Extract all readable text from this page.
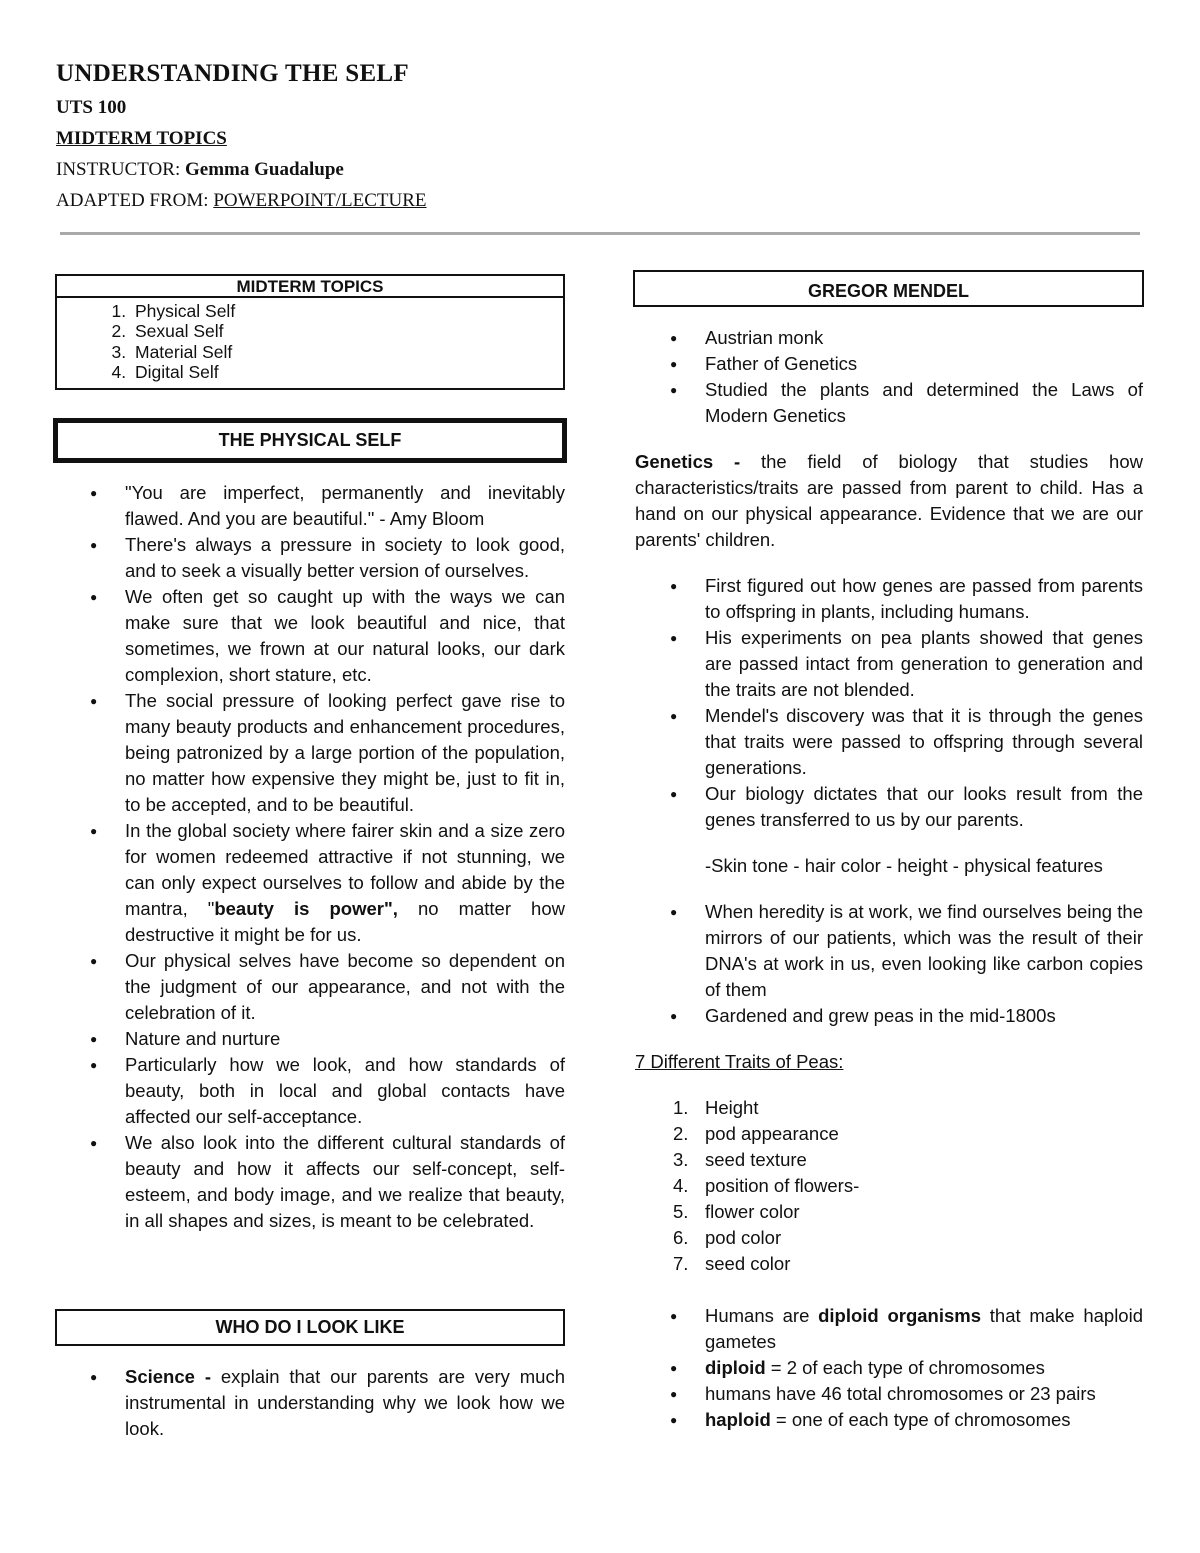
UNDERSTANDING THE SELF
UTS 100
MIDTERM TOPICS
INSTRUCTOR: Gemma Guadalupe
ADAPTED FROM: POWERPOINT/LECTURE
MIDTERM TOPICS
1. Physical Self
2. Sexual Self
3. Material Self
4. Digital Self
THE PHYSICAL SELF
● "You are imperfect, permanently and inevitably flawed. And you are beautiful." - Amy Bloom
● There's always a pressure in society to look good, and to seek a visually better version of ourselves.
● We often get so caught up with the ways we can make sure that we look beautiful and nice, that sometimes, we frown at our natural looks, our dark complexion, short stature, etc.
● The social pressure of looking perfect gave rise to many beauty products and enhancement procedures, being patronized by a large portion of the population, no matter how expensive they might be, just to fit in, to be accepted, and to be beautiful.
● In the global society where fairer skin and a size zero for women redeemed attractive if not stunning, we can only expect ourselves to follow and abide by the mantra, "beauty is power", no matter how destructive it might be for us.
● Our physical selves have become so dependent on the judgment of our appearance, and not with the celebration of it.
● Nature and nurture
● Particularly how we look, and how standards of beauty, both in local and global contacts have affected our self-acceptance.
● We also look into the different cultural standards of beauty and how it affects our self-concept, self-esteem, and body image, and we realize that beauty, in all shapes and sizes, is meant to be celebrated.
WHO DO I LOOK LIKE
● Science - explain that our parents are very much instrumental in understanding why we look how we look.
GREGOR MENDEL
● Austrian monk
● Father of Genetics
● Studied the plants and determined the Laws of Modern Genetics

Genetics - the field of biology that studies how characteristics/traits are passed from parent to child. Has a hand on our physical appearance. Evidence that we are our parents' children.

● First figured out how genes are passed from parents to offspring in plants, including humans.
● His experiments on pea plants showed that genes are passed intact from generation to generation and the traits are not blended.
● Mendel's discovery was that it is through the genes that traits were passed to offspring through several generations.
● Our biology dictates that our looks result from the genes transferred to us by our parents.
-Skin tone - hair color - height - physical features
● When heredity is at work, we find ourselves being the mirrors of our patients, which was the result of their DNA's at work in us, even looking like carbon copies of them
● Gardened and grew peas in the mid-1800s
7 Different Traits of Peas:
1. Height
2. pod appearance
3. seed texture
4. position of flowers-
5. flower color
6. pod color
7. seed color
● Humans are diploid organisms that make haploid gametes
● diploid = 2 of each type of chromosomes
● humans have 46 total chromosomes or 23 pairs
● haploid = one of each type of chromosomes
